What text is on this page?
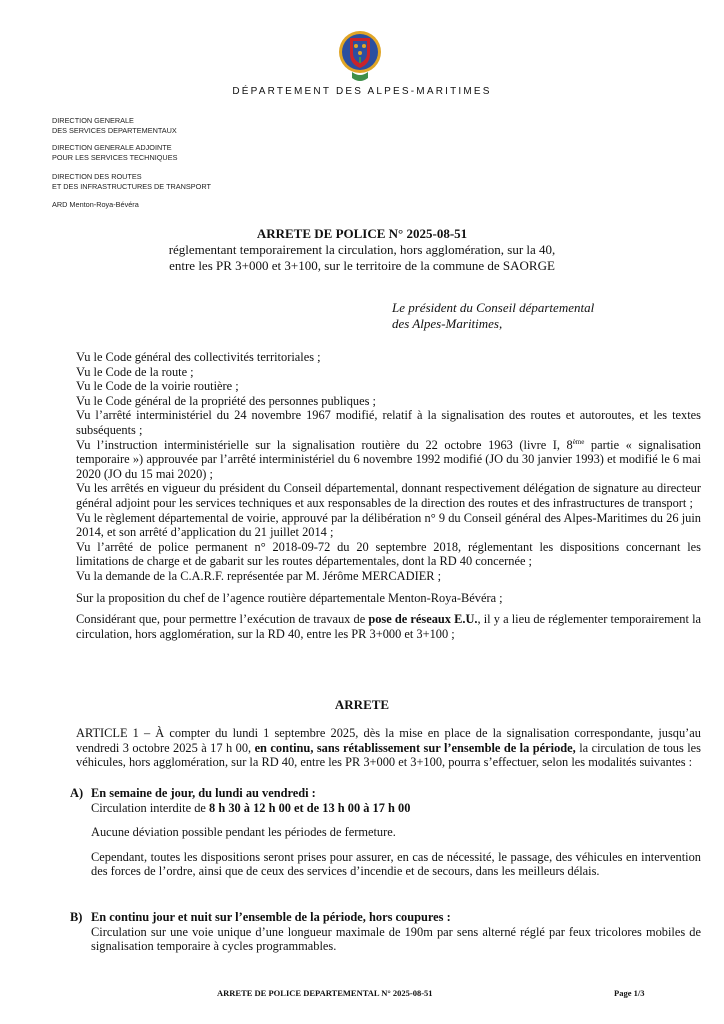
DÉPARTEMENT DES ALPES-MARITIMES
DIRECTION GENERALE
DES SERVICES DEPARTEMENTAUX
DIRECTION GENERALE ADJOINTE
POUR LES SERVICES TECHNIQUES
DIRECTION DES ROUTES
ET DES INFRASTRUCTURES DE TRANSPORT
ARD Menton-Roya-Bévéra
ARRETE DE POLICE N° 2025-08-51
réglementant temporairement la circulation, hors agglomération, sur la 40,
entre les PR 3+000 et 3+100, sur le territoire de la commune de SAORGE
Le président du Conseil départemental
des Alpes-Maritimes,

Vu le Code général des collectivités territoriales ;

Vu le Code de la route ;

Vu le Code de la voirie routière ;

Vu le Code général de la propriété des personnes publiques ;

Vu l’arrêté interministériel du 24 novembre 1967 modifié, relatif à la signalisation des routes et autoroutes, et les textes subséquents ;

Vu l’instruction interministérielle sur la signalisation routière du 22 octobre 1963 (livre I, 8ème partie « signalisation temporaire ») approuvée par l’arrêté interministériel du 6 novembre 1992 modifié (JO du 30 janvier 1993) et modifié le 6 mai 2020 (JO du 15 mai 2020) ;

Vu les arrêtés en vigueur du président du Conseil départemental, donnant respectivement délégation de signature au directeur général adjoint pour les services techniques et aux responsables de la direction des routes et des infrastructures de transport ;

Vu le règlement départemental de voirie, approuvé par la délibération n° 9 du Conseil général des Alpes-Maritimes du 26 juin 2014, et son arrêté d’application du 21 juillet 2014 ;

Vu l’arrêté de police permanent n° 2018-09-72 du 20 septembre 2018, réglementant les dispositions concernant les limitations de charge et de gabarit sur les routes départementales, dont la RD 40 concernée ;

Vu la demande de la C.A.R.F. représentée par M. Jérôme MERCADIER ;

Sur la proposition du chef de l’agence routière départementale Menton-Roya-Bévéra ;

Considérant que, pour permettre l’exécution de travaux de pose de réseaux E.U., il y a lieu de réglementer temporairement la circulation, hors agglomération, sur la RD 40, entre les PR 3+000 et 3+100 ;

ARRETE

ARTICLE 1 – À compter du lundi 1 septembre 2025, dès la mise en place de la signalisation correspondante, jusqu’au vendredi 3 octobre 2025 à 17 h 00, en continu, sans rétablissement sur l’ensemble de la période, la circulation de tous les véhicules, hors agglomération, sur la RD 40, entre les PR 3+000 et 3+100, pourra s’effectuer, selon les modalités suivantes :

A) En semaine de jour, du lundi au vendredi :

Circulation interdite de 8 h 30 à 12 h 00 et de 13 h 00 à 17 h 00

Aucune déviation possible pendant les périodes de fermeture.

Cependant, toutes les dispositions seront prises pour assurer, en cas de nécessité, le passage, des véhicules en intervention des forces de l’ordre, ainsi que de ceux des services d’incendie et de secours, dans les meilleurs délais.

B) En continu jour et nuit sur l’ensemble de la période, hors coupures :

Circulation sur une voie unique d’une longueur maximale de 190m par sens alterné réglé par feux tricolores mobiles de signalisation temporaire à cycles programmables.

ARRETE DE POLICE DEPARTEMENTAL N° 2025-08-51	Page 1/3
